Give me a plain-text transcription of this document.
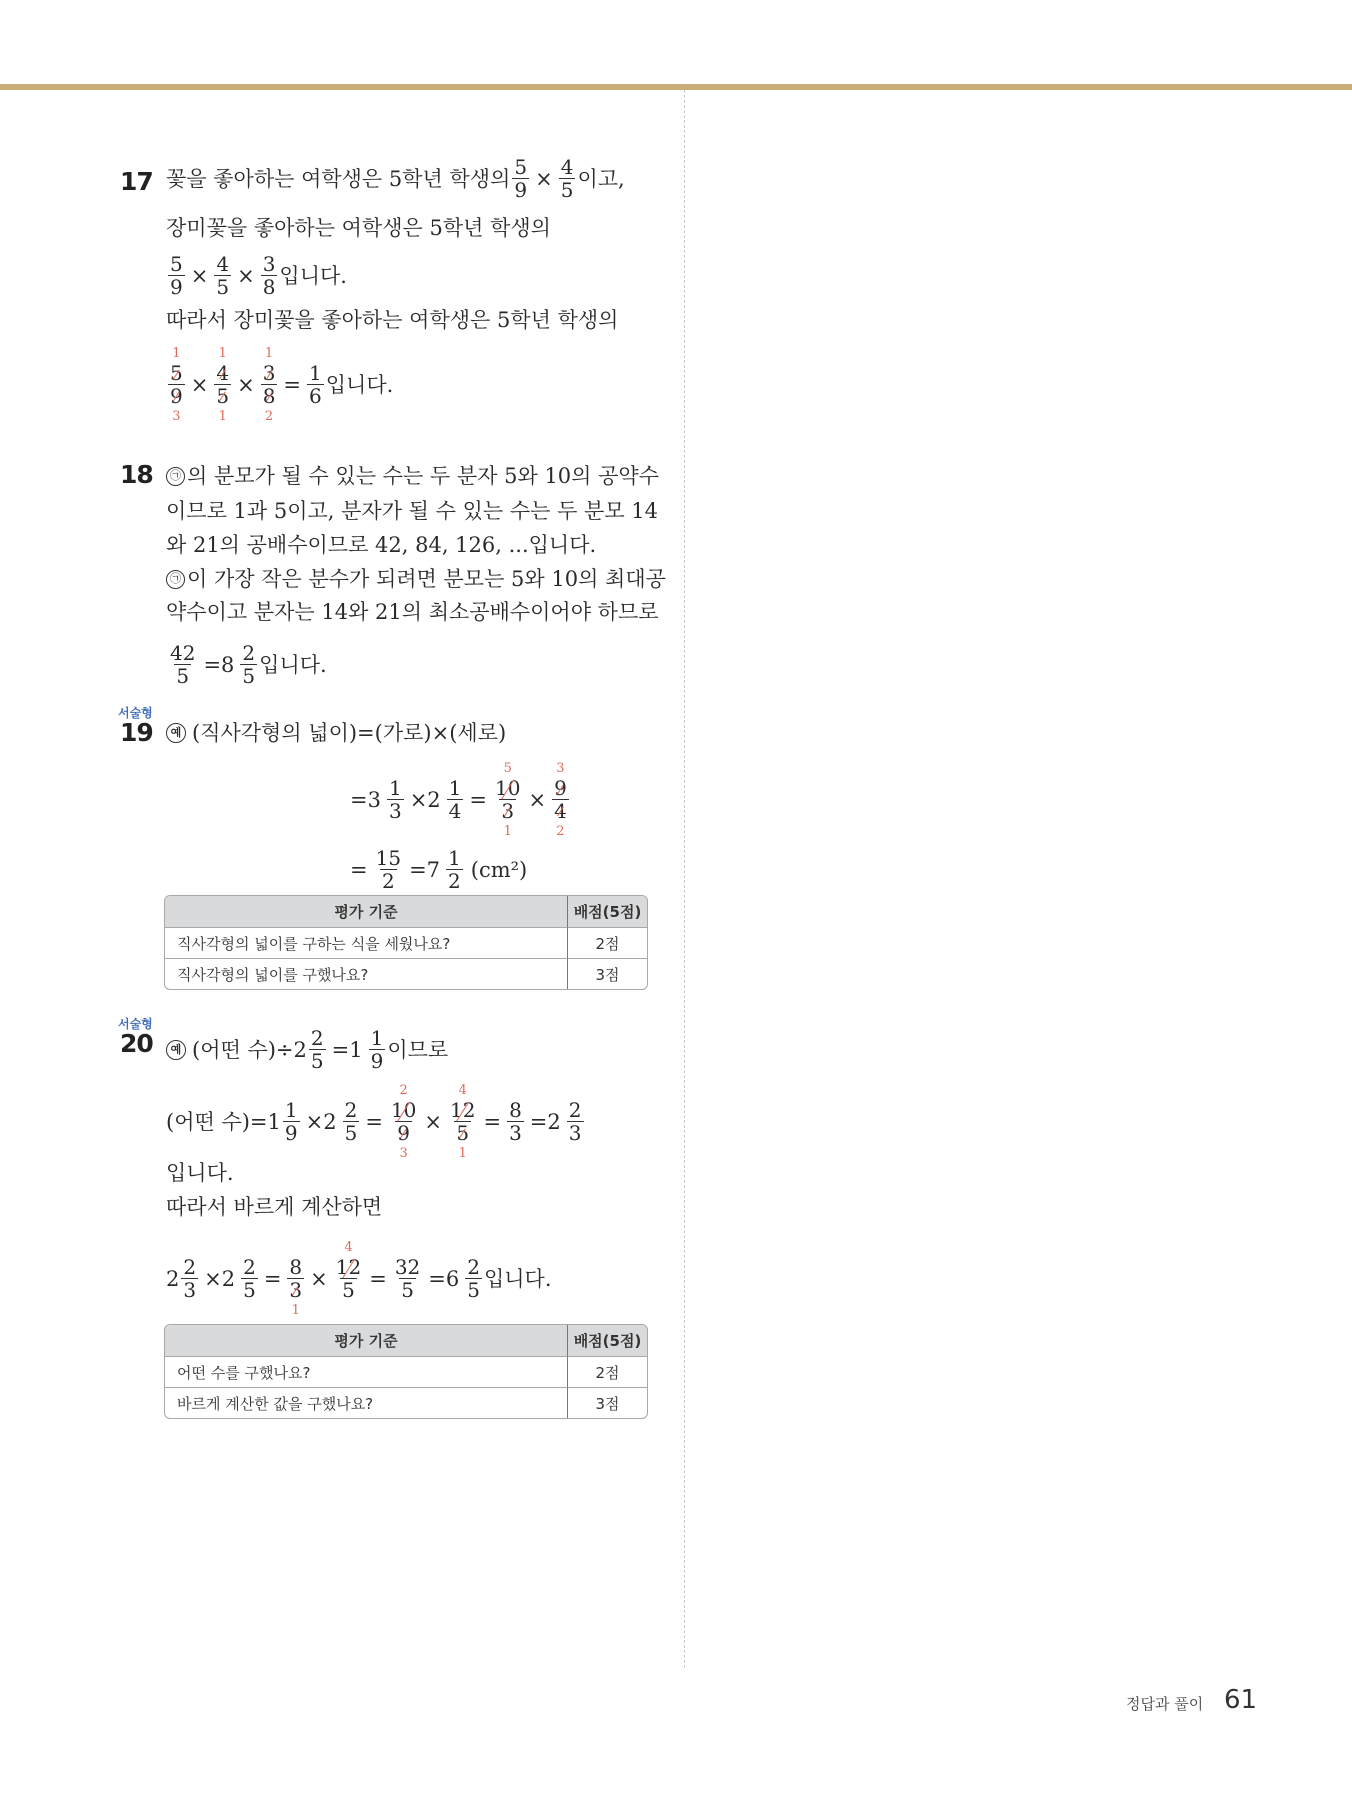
17 꽃을 좋아하는 여학생은 5학년 학생의 $\frac{5}{9} \times \frac{4}{5}$ 이고,
장미꽃을 좋아하는 여학생은 5학년 학생의
$\frac{5}{9} \times \frac{4}{5} \times \frac{3}{8}$ 입니다.
따라서 장미꽃을 좋아하는 여학생은 5학년 학생의
5
1
9
3 × 4
1
5
1 × 3
1
8
$2 = \frac{1}{6}$ 입니다.
18	㉠ 의 분모가 될 수 있는 수는 두 분자 5와 10의 공약수
이므로 1과 5이고, 분자가 될 수 있는 수는 두 분모 14
와 21의 공배수이므로 42, 84, 126, ...입니다.
㉠ 이 가장 작은 분수가 되려면 분모는 5와 10의 최대공
약수이고 분자는 14와 21의 최소공배수이어야 하므로
$\frac{42}{5} =8$ 2
5 입니다.
서술형
19	예 (직사각형의 넓이)=(가로)×(세로)
$=3 \frac{1}{3} \times 2 \frac{1}{4} = 10$
5
3
1 × 9
3
4
2
= $\frac{15}{2} =7$ 1
2 (cm²)
평가 기준	배점(5점)
직사각형의 넓이를 구하는 식을 세웠나요?	2점
직사각형의 넓이를 구했나요?	3점
서술형
20	예 (어떤 수)$\div 2 \frac{2}{5} =1$ 1
9 이므로
(어떤 수)$=1 \frac{1}{9} \times 2 \frac{2}{5} = 10$
2
9
3 × 12
4
5
$1 = \frac{8}{3} =2$ 2
3
입니다.
따라서 바르게 계산하면
$2 \frac{2}{3} \times 2 \frac{2}{5} = 8$
3
1 × 12
4
$5 = \frac{32}{5} =6$ 2
5 입니다.
평가 기준	배점(5점)
어떤 수를 구했나요?	2점
바르게 계산한 값을 구했나요?	3점
정답과 풀이 61
